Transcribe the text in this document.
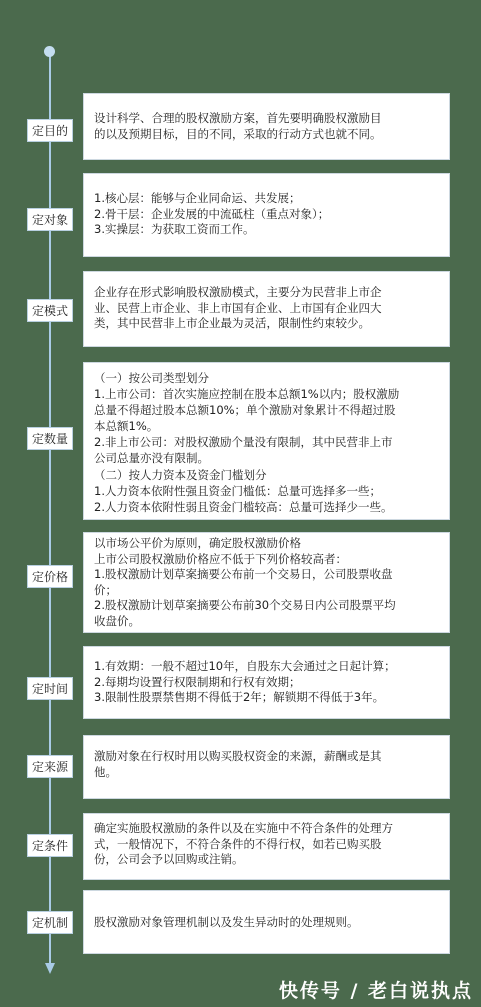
设计科学、合理的股权激励方案，首先要明确股权激励目
的以及预期目标，目的不同，采取的行动方式也就不同。
定目的
1.核心层：能够与企业同命运、共发展；
2.骨干层：企业发展的中流砥柱（重点对象）；
3.实操层：为获取工资而工作。
定对象
企业存在形式影响股权激励模式，主要分为民营非上市企
业、民营上市企业、非上市国有企业、上市国有企业四大
类，其中民营非上市企业最为灵活，限制性约束较少。
定模式
（一）按公司类型划分
1.上市公司：首次实施应控制在股本总额1%以内；股权激励
总量不得超过股本总额10%；单个激励对象累计不得超过股
本总额1%。
2.非上市公司：对股权激励个量没有限制，其中民营非上市
公司总量亦没有限制。
（二）按人力资本及资金门槛划分
1.人力资本依附性强且资金门槛低：总量可选择多一些；
2.人力资本依附性弱且资金门槛较高：总量可选择少一些。
定数量
以市场公平价为原则，确定股权激励价格
上市公司股权激励价格应不低于下列价格较高者：
1.股权激励计划草案摘要公布前一个交易日，公司股票收盘
价；
2.股权激励计划草案摘要公布前30个交易日内公司股票平均
收盘价。
定价格
1.有效期：一般不超过10年，自股东大会通过之日起计算；
2.每期均设置行权限制期和行权有效期；
3.限制性股票禁售期不得低于2年；解锁期不得低于3年。
定时间
激励对象在行权时用以购买股权资金的来源，薪酬或是其
他。
定来源
确定实施股权激励的条件以及在实施中不符合条件的处理方
式，一般情况下，不符合条件的不得行权，如若已购买股
份，公司会予以回购或注销。
定条件
股权激励对象管理机制以及发生异动时的处理规则。
定机制
快传号 / 老白说执点
